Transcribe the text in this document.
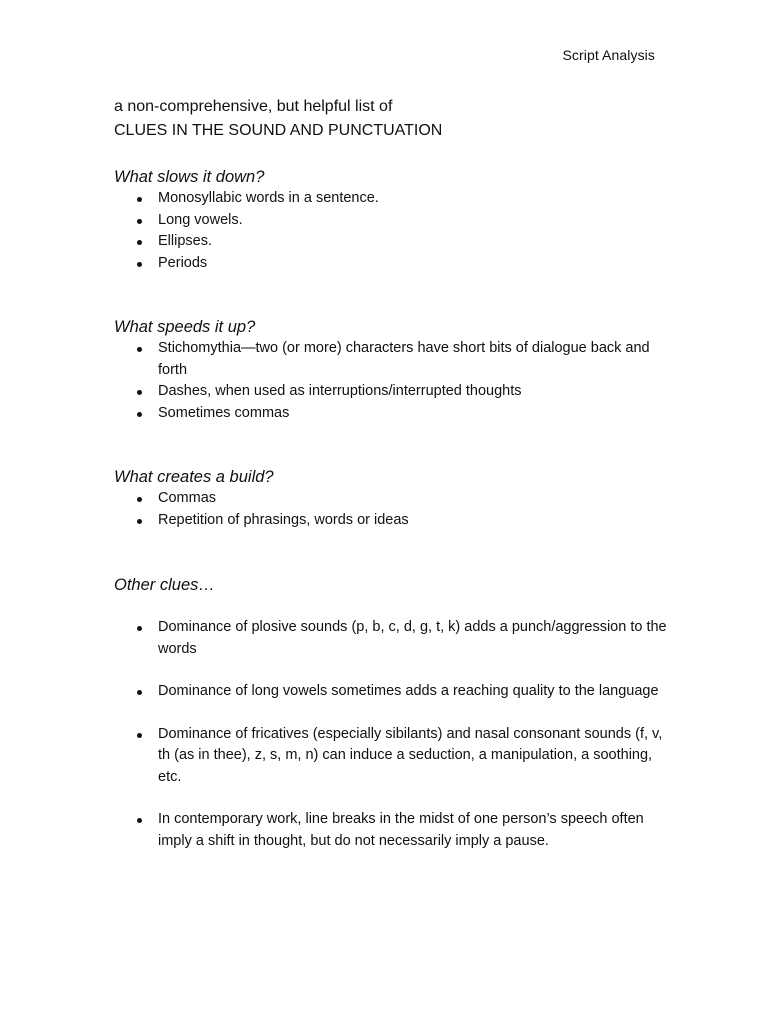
Script Analysis

a non-comprehensive, but helpful list of

CLUES IN THE SOUND AND PUNCTUATION

What slows it down?

Monosyllabic words in a sentence.
Long vowels.
Ellipses.
Periods

What speeds it up?

Stichomythia—two (or more) characters have short bits of dialogue back and forth
Dashes, when used as interruptions/interrupted thoughts
Sometimes commas

What creates a build?

Commas
Repetition of phrasings, words or ideas

Other clues…

Dominance of plosive sounds (p, b, c, d, g, t, k) adds a punch/aggression to the words
Dominance of long vowels sometimes adds a reaching quality to the language
Dominance of fricatives (especially sibilants) and nasal consonant sounds (f, v, th (as in thee), z, s, m, n) can induce a seduction, a manipulation, a soothing, etc.
In contemporary work, line breaks in the midst of one person’s speech often imply a shift in thought, but do not necessarily imply a pause.
